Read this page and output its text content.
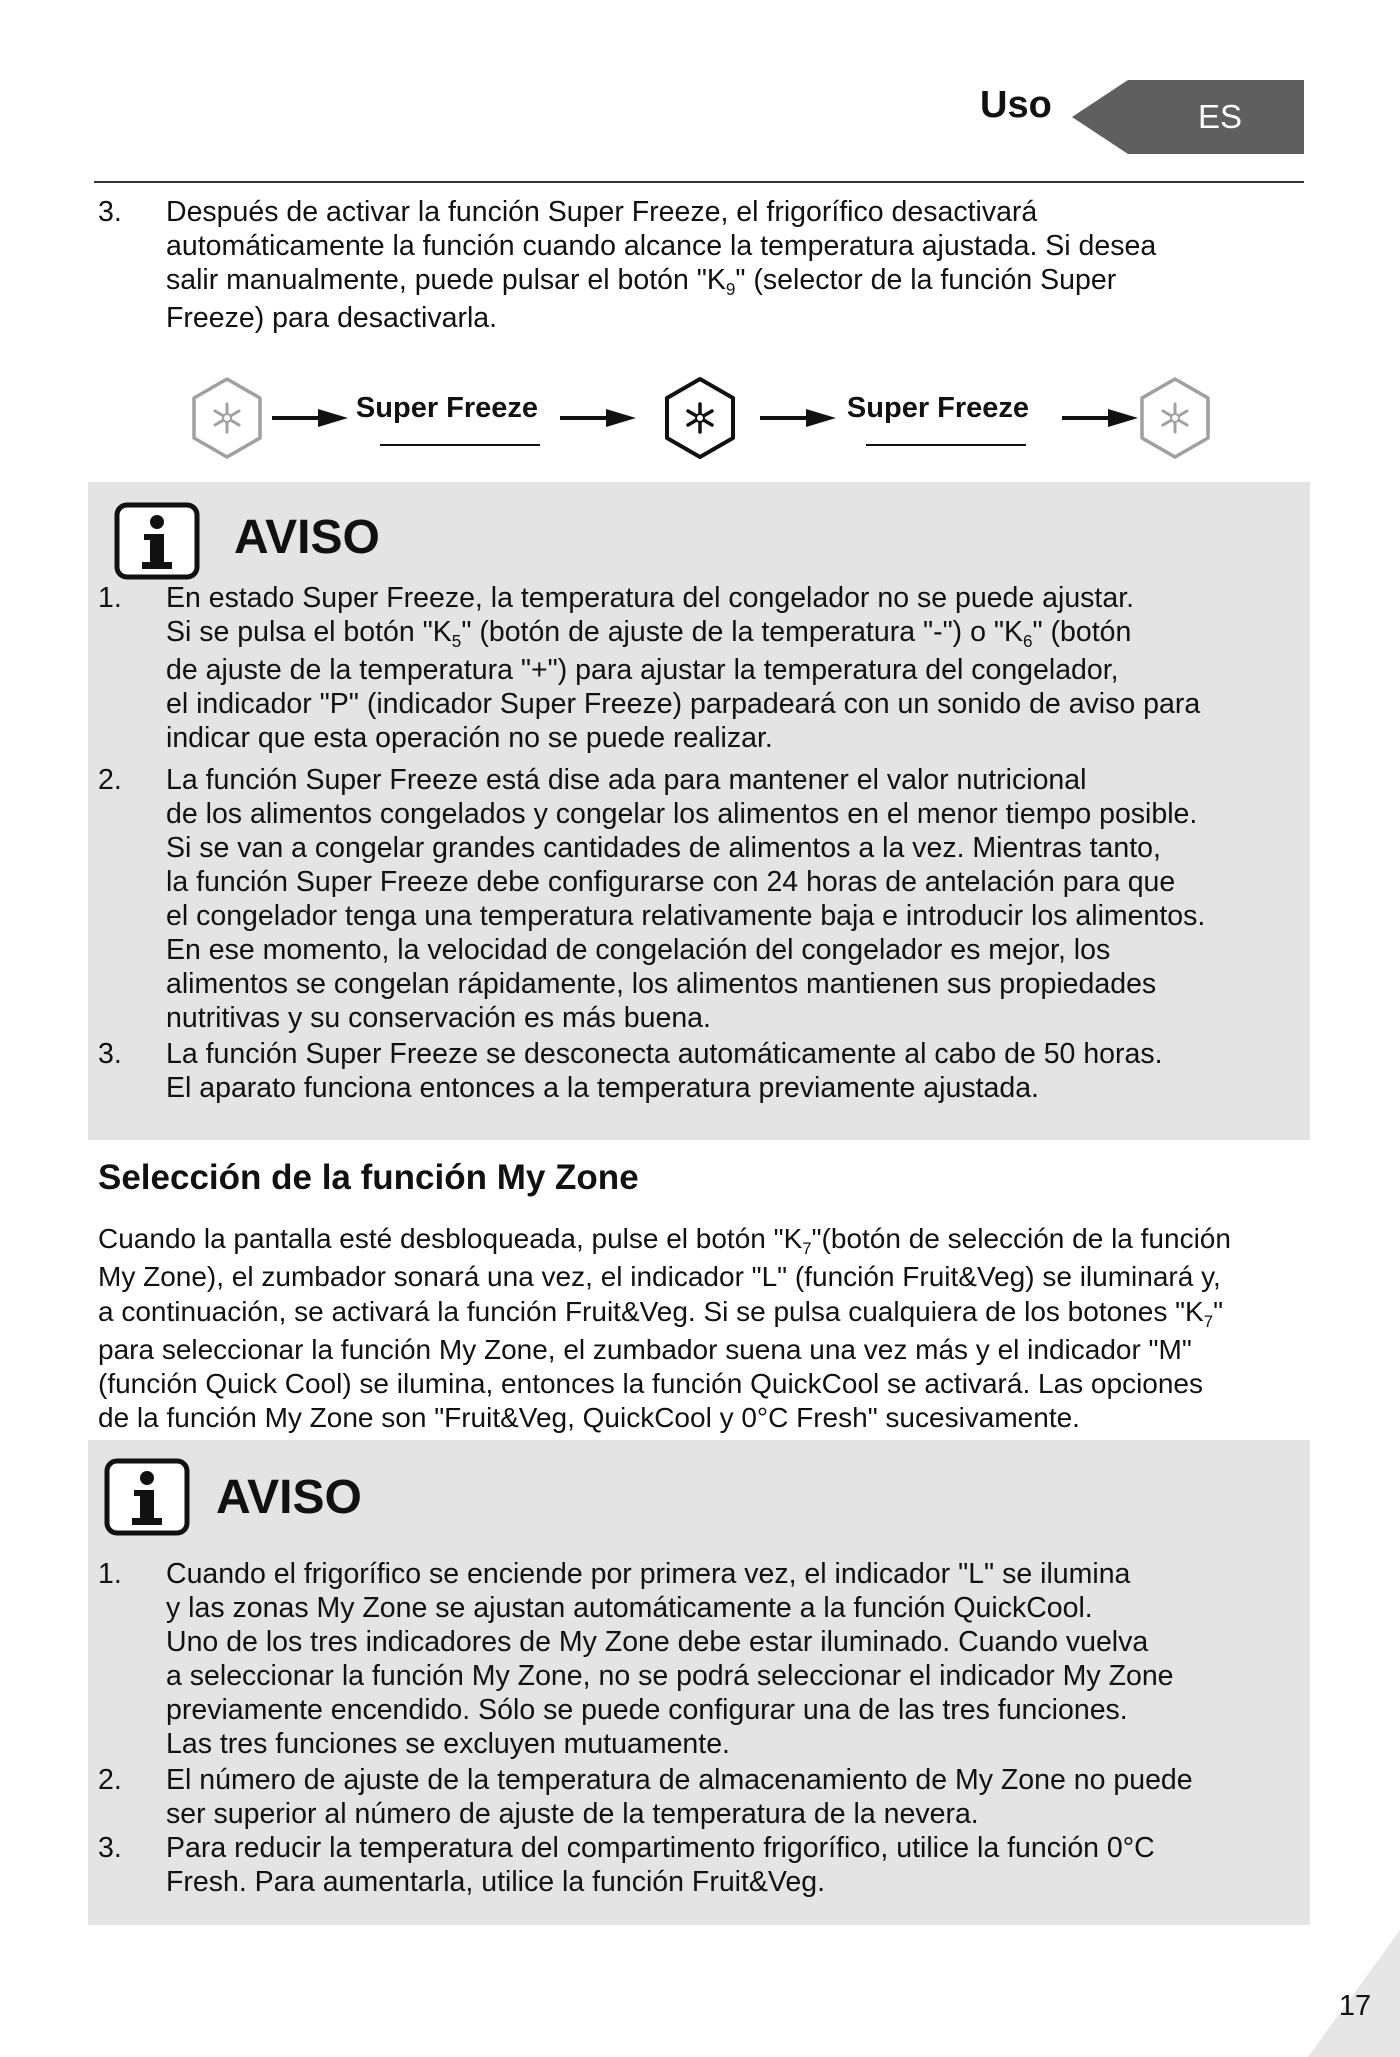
Uso	ES
3. Después de activar la función Super Freeze, el frigorífico desactivará
automáticamente la función cuando alcance la temperatura ajustada. Si desea
salir manualmente, puede pulsar el botón "$K_9$" (selector de la función Super
Freeze) para desactivarla.
Super Freeze	Super Freeze
AVISO
1. En estado Super Freeze, la temperatura del congelador no se puede ajustar.
Si se pulsa el botón "$K_5$" (botón de ajuste de la temperatura "-") o "$K_6$" (botón
de ajuste de la temperatura "+") para ajustar la temperatura del congelador,
el indicador "P" (indicador Super Freeze) parpadeará con un sonido de aviso para
indicar que esta operación no se puede realizar.
2. La función Super Freeze está dise ada para mantener el valor nutricional
de los alimentos congelados y congelar los alimentos en el menor tiempo posible.
Si se van a congelar grandes cantidades de alimentos a la vez. Mientras tanto,
la función Super Freeze debe configurarse con 24 horas de antelación para que
el congelador tenga una temperatura relativamente baja e introducir los alimentos.
En ese momento, la velocidad de congelación del congelador es mejor, los
alimentos se congelan rápidamente, los alimentos mantienen sus propiedades
nutritivas y su conservación es más buena.
3. La función Super Freeze se desconecta automáticamente al cabo de 50 horas.
El aparato funciona entonces a la temperatura previamente ajustada.
Selección de la función My Zone
Cuando la pantalla esté desbloqueada, pulse el botón "$K_7"(botón$ de selección de la función
My Zone), el zumbador sonará una vez, el indicador "L" (función Fruit&Veg) se iluminará y,
a continuación, se activará la función Fruit&Veg. Si se pulsa cualquiera de los botones "$K_7$"
para seleccionar la función My Zone, el zumbador suena una vez más y el indicador "M"
(función Quick Cool) se ilumina, entonces la función QuickCool se activará. Las opciones
de la función My Zone son "Fruit&Veg, QuickCool y 0°C Fresh" sucesivamente.
AVISO
1. Cuando el frigorífico se enciende por primera vez, el indicador "L" se ilumina
y las zonas My Zone se ajustan automáticamente a la función QuickCool.
Uno de los tres indicadores de My Zone debe estar iluminado. Cuando vuelva
a seleccionar la función My Zone, no se podrá seleccionar el indicador My Zone
previamente encendido. Sólo se puede configurar una de las tres funciones.
Las tres funciones se excluyen mutuamente.
2. El número de ajuste de la temperatura de almacenamiento de My Zone no puede
ser superior al número de ajuste de la temperatura de la nevera.
3. Para reducir la temperatura del compartimento frigorífico, utilice la función 0°C
Fresh. Para aumentarla, utilice la función Fruit&Veg.
17
